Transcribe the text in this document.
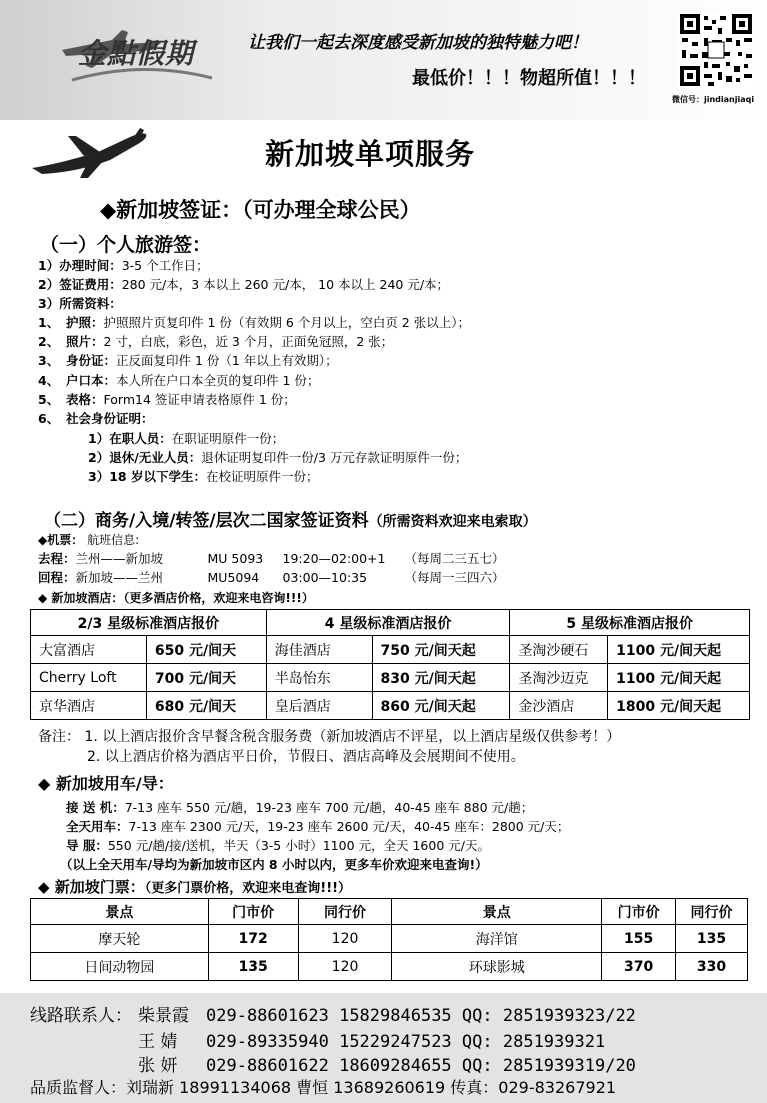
金點假期	让我们一起去深度感受新加坡的独特魅力吧！
最低价！！！物超所值！！！
微信号：jindianjiaqi
新加坡单项服务
◆新加坡签证：（可办理全球公民）
（一）个人旅游签：
1）办理时间：3-5 个工作日；
2）签证费用：280 元/本，3 本以上 260 元/本， 10 本以上 240 元/本；
3）所需资料：
1、 护照：护照照片页复印件 1 份（有效期 6 个月以上，空白页 2 张以上）；
2、 照片：2 寸，白底，彩色，近 3 个月，正面免冠照，2 张；
3、 身份证：正反面复印件 1 份（1 年以上有效期）；
4、 户口本：本人所在户口本全页的复印件 1 份；
5、 表格：Form14 签证申请表格原件 1 份；
6、 社会身份证明：
1）在职人员：在职证明原件一份；
2）退休/无业人员：退休证明复印件一份/3 万元存款证明原件一份；
3）18 岁以下学生：在校证明原件一份；
（二）商务/入境/转签/层次二国家签证资料（所需资料欢迎来电索取）
◆机票： 航班信息:
去程：兰州——新加坡	MU 5093 19:20—02:00+1 （每周二三五七）
回程：新加坡——兰州	MU5094 03:00—10:35	（每周一三四六）
◆ 新加坡酒店：（更多酒店价格，欢迎来电咨询!!!）
2/3 星级标准酒店报价		4 星级标准酒店报价		5 星级标准酒店报价	
大富酒店	650 元/间天	海佳酒店	750 元/间天起	圣淘沙硬石	1100 元/间天起
Cherry Loft	700 元/间天	半岛怡东	830 元/间天起	圣淘沙迈克	1100 元/间天起
京华酒店	680 元/间天	皇后酒店	860 元/间天起	金沙酒店	1800 元/间天起
备注： 1. 以上酒店报价含早餐含税含服务费（新加坡酒店不评星，以上酒店星级仅供参考！）
2. 以上酒店价格为酒店平日价，节假日、酒店高峰及会展期间不使用。
◆ 新加坡用车/导：
接 送 机：7-13 座车 550 元/趟，19-23 座车 700 元/趟，40-45 座车 880 元/趟；
全天用车：7-13 座车 2300 元/天，19-23 座车 2600 元/天，40-45 座车：2800 元/天；
导 服：550 元/趟/接/送机，半天（3-5 小时）1100 元，全天 1600 元/天。
（以上全天用车/导均为新加坡市区内 8 小时以内，更多车价欢迎来电查询!）
◆ 新加坡门票：（更多门票价格，欢迎来电查询!!!）
景点	门市价	同行价	景点	门市价	同行价
摩天轮	172	120	海洋馆	155	135
日间动物园	135	120	环球影城	370	330
线路联系人： 柴景霞 029-88601623 15829846535 QQ: 2851939323/22
王 婧 029-89335940 15229247523 QQ: 2851939321
张 妍 029-88601622 18609284655 QQ: 2851939319/20
品质监督人：刘瑞新 18991134068 曹恒 13689260619 传真：029-83267921
